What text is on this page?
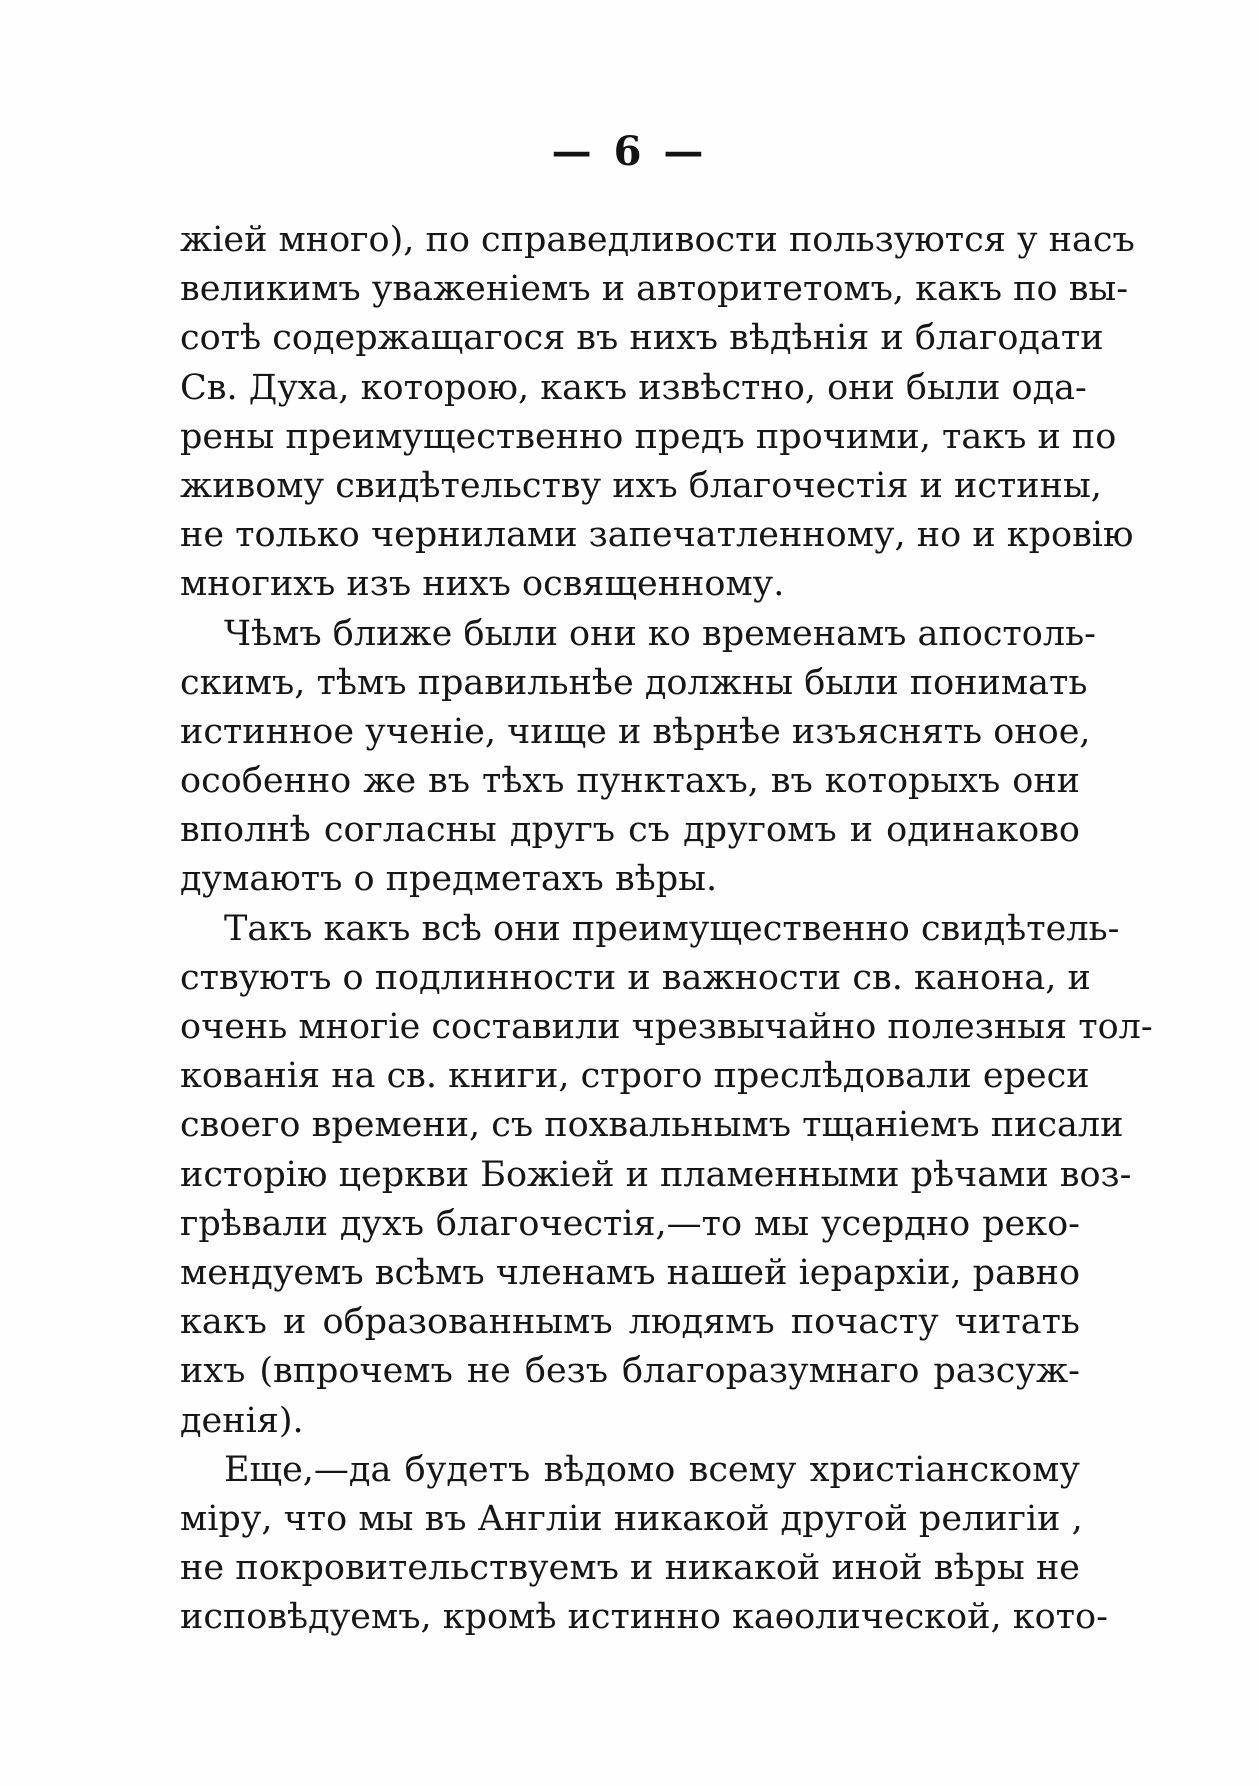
— 6 —
жіей много), по справедливости пользуются у насъ
великимъ уваженіемъ и авторитетомъ, какъ по вы-
сотѣ содержащагося въ нихъ вѣдѣнія и благодати
Св. Духа, которою, какъ извѣстно, они были ода-
рены преимущественно предъ прочими, такъ и по
живому свидѣтельству ихъ благочестія и истины,
не только чернилами запечатленному, но и кровію
многихъ изъ нихъ освященному.
Чѣмъ ближе были они ко временамъ апостоль-
скимъ, тѣмъ правильнѣе должны были понимать
истинное ученіе, чище и вѣрнѣе изъяснять оное,
особенно же въ тѣхъ пунктахъ, въ которыхъ они
вполнѣ согласны другъ съ другомъ и одинаково
думаютъ о предметахъ вѣры.
Такъ какъ всѣ они преимущественно свидѣтель-
ствуютъ о подлинности и важности св. канона, и
очень многіе составили чрезвычайно полезныя тол-
кованія на св. книги, строго преслѣдовали ереси
своего времени, съ похвальнымъ тщаніемъ писали
исторію церкви Божіей и пламенными рѣчами воз-
грѣвали духъ благочестія,—то мы усердно реко-
мендуемъ всѣмъ членамъ нашей іерархіи, равно
какъ и образованнымъ людямъ почасту читать
ихъ (впрочемъ не безъ благоразумнаго разсуж-
денія).
Еще,—да будетъ вѣдомо всему христіанскому
міру, что мы въ Англіи никакой другой религіи ,
не покровительствуемъ и никакой иной вѣры не
исповѣдуемъ, кромѣ истинно каѳолической, кото-
